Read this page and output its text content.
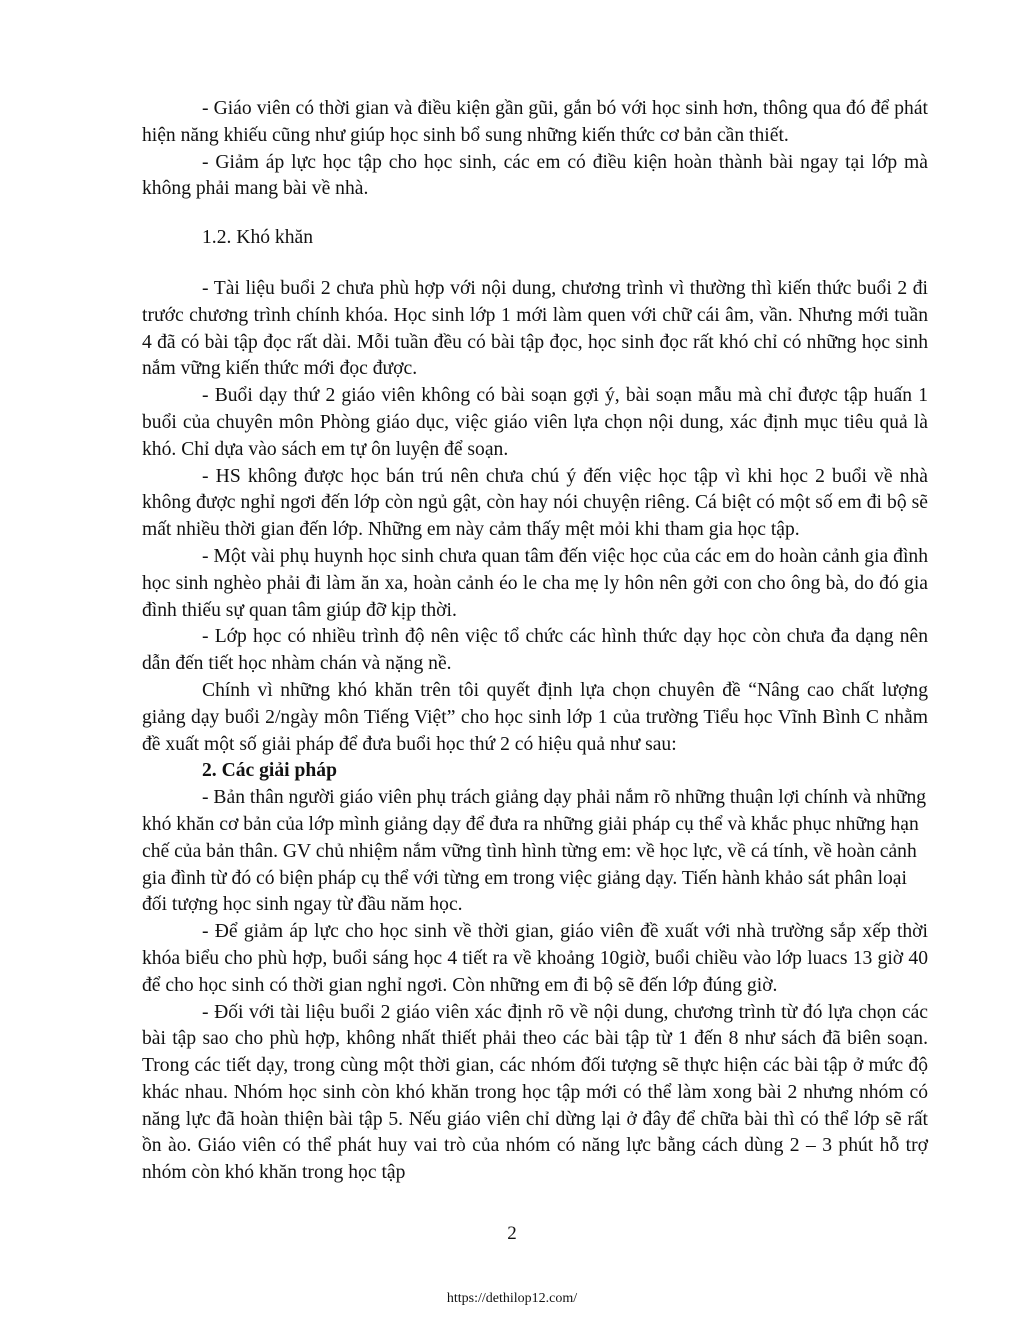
- Giáo viên có thời gian và điều kiện gần gũi, gắn bó với học sinh hơn, thông qua đó để phát hiện năng khiếu cũng như giúp học sinh bổ sung những kiến thức cơ bản cần thiết.

- Giảm áp lực học tập cho học sinh, các em có điều kiện hoàn thành bài ngay tại lớp mà không phải mang bài về nhà.

1.2. Khó khăn

- Tài liệu buổi 2 chưa phù hợp với nội dung, chương trình vì thường thì kiến thức buổi 2 đi trước chương trình chính khóa. Học sinh lớp 1 mới làm quen với chữ cái âm, vần. Nhưng mới tuần 4 đã có bài tập đọc rất dài. Mỗi tuần đều có bài tập đọc, học sinh đọc rất khó chỉ có những học sinh nắm vững kiến thức mới đọc được.

- Buổi dạy thứ 2 giáo viên không có bài soạn gợi ý, bài soạn mẫu mà chỉ được tập huấn 1 buổi của chuyên môn Phòng giáo dục, việc giáo viên lựa chọn nội dung, xác định mục tiêu quả là khó. Chỉ dựa vào sách em tự ôn luyện để soạn.

- HS không được học bán trú nên chưa chú ý đến việc học tập vì khi học 2 buổi về nhà không được nghỉ ngơi đến lớp còn ngủ gật, còn hay nói chuyện riêng. Cá biệt có một số em đi bộ sẽ mất nhiều thời gian đến lớp. Những em này cảm thấy mệt mỏi khi tham gia học tập.

- Một vài phụ huynh học sinh chưa quan tâm đến việc học của các em do hoàn cảnh gia đình học sinh nghèo phải đi làm ăn xa, hoàn cảnh éo le cha mẹ ly hôn nên gởi con cho ông bà, do đó gia đình thiếu sự quan tâm giúp đỡ kịp thời.

- Lớp học có nhiều trình độ nên việc tổ chức các hình thức dạy học còn chưa đa dạng nên dẫn đến tiết học nhàm chán và nặng nề.

Chính vì những khó khăn trên tôi quyết định lựa chọn chuyên đề “Nâng cao chất lượng giảng dạy buổi 2/ngày môn Tiếng Việt” cho học sinh lớp 1 của trường Tiểu học Vĩnh Bình C nhằm đề xuất một số giải pháp để đưa buổi học thứ 2 có hiệu quả như sau:

2. Các giải pháp

- Bản thân người giáo viên phụ trách giảng dạy phải nắm rõ những thuận lợi chính và những khó khăn cơ bản của lớp mình giảng dạy để đưa ra những giải pháp cụ thể và khắc phục những hạn chế của bản thân. GV chủ nhiệm nắm vững tình hình từng em: về học lực, về cá tính, về hoàn cảnh gia đình từ đó có biện pháp cụ thể với từng em trong việc giảng dạy. Tiến hành khảo sát phân loại đối tượng học sinh ngay từ đầu năm học.

- Để giảm áp lực cho học sinh về thời gian, giáo viên đề xuất với nhà trường sắp xếp thời khóa biểu cho phù hợp, buổi sáng học 4 tiết ra về khoảng 10giờ, buổi chiều vào lớp luacs 13 giờ 40 để cho học sinh có thời gian nghỉ ngơi. Còn những em đi bộ sẽ đến lớp đúng giờ.

- Đối với tài liệu buổi 2 giáo viên xác định rõ về nội dung, chương trình từ đó lựa chọn các bài tập sao cho phù hợp, không nhất thiết phải theo các bài tập từ 1 đến 8 như sách đã biên soạn. Trong các tiết dạy, trong cùng một thời gian, các nhóm đối tượng sẽ thực hiện các bài tập ở mức độ khác nhau. Nhóm học sinh còn khó khăn trong học tập mới có thể làm xong bài 2 nhưng nhóm có năng lực đã hoàn thiện bài tập 5. Nếu giáo viên chỉ dừng lại ở đây để chữa bài thì có thể lớp sẽ rất ồn ào. Giáo viên có thể phát huy vai trò của nhóm có năng lực bằng cách dùng 2 – 3 phút hỗ trợ nhóm còn khó khăn trong học tập

2
https://dethilop12.com/
